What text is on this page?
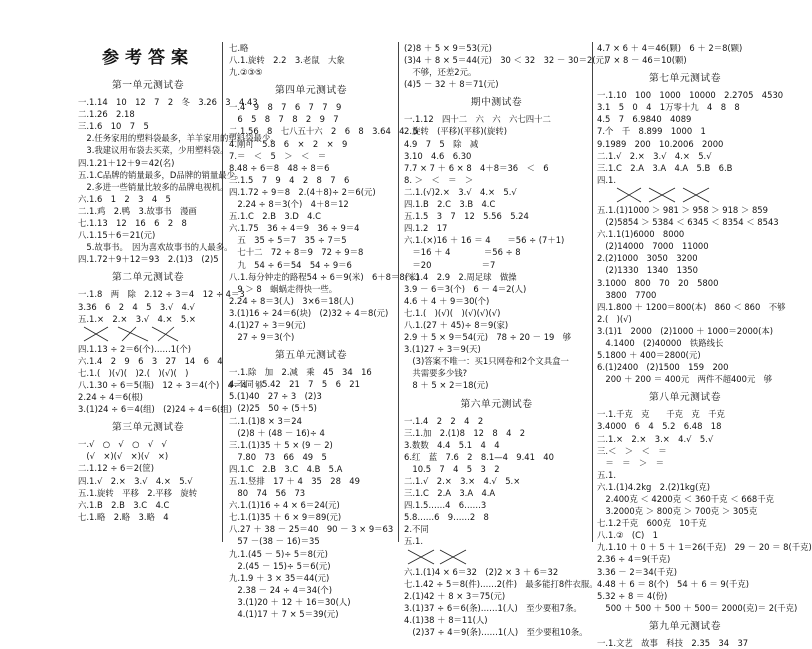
参考答案
第一单元测试卷
一.1.14　10　12　7　2　冬　3.26　3　4.43
二.1.26　2.18
三.1.6　10　7　5
　2.任务家用的塑料袋最多，羊羊家用的塑料袋最少。
　3.我建议用布袋去买菜，少用塑料袋。
四.1.21＋12＋9＝42(名)
五.1.C品牌的销量最多，D品牌的销量最少。
　2.多进一些销量比较多的品牌电视机。
六.1.6　1　2　3　4　5
二.1.鸡　2.鸭　3.故事书　漫画
七.1.13　12　16　6　2　8
八.1.15＋6＝21(元)
　5.故事书。　因为喜欢故事书的人最多。
四.1.72＋9＋12＝93　2.(1)3　(2)5
第二单元测试卷
一.1.8　两　除　2.12 ÷ 3＝4　12 ÷ 4＝3
3.36　6　2　4　5　3.√　4.√
五.1.×　2.×　3.√　4.×　5.×
四.1.13 ÷ 2＝6(个)……1(个)
六.1.4　2　9　6　3　27　14　6　4
七.1.(　)(√)(　)2.(　)(√)(　)
八.1.30 ÷ 6＝5(瓶)　12 ÷ 3＝4(个)　4＝4　够
2.24 ÷ 4＝6(根)
3.(1)24 ÷ 6＝4(组)　(2)24 ÷ 4＝6(组)
第三单元测试卷
一.√　○　√　○　√　√
　(√　×)(√　×)(√　×)
二.1.12 ÷ 6＝2(筐)
四.1.√　2.×　3.√　4.×　5.√
五.1.旋转　平移　2.平移　旋转
六.1.B　2.B　3.C　4.C
七.1.略　2.略　3.略　4
七.略
八.1.旋转　2.2　3.老鼠　大象
九.②③⑤
第四单元测试卷
一.4　9　8　7　6　7　7　9
　6　5　8　7　8　2　9　7
二.1.56　8　七八五十六　2　6　8　3.64　4　5
4.刚可　5.8　6　×　2　×　9
7.＝　＜　5　＞　＜　＝
8.48 ÷ 6＝8　48 ÷ 8＝6
三.1.5　7　9　4　2　8　7　6
四.1.72 ÷ 9＝8　2.(4＋8)÷ 2＝6(元)
　2.24 ÷ 8＝3(个)　4＋8＝12
五.1.C　2.B　3.D　4.C
六.1.75　36 ÷ 4＝9　36 ÷ 9＝4
　五　35 ÷ 5＝7　35 ÷ 7＝5
　七十二　72 ÷ 8＝9　72 ÷ 9＝8
　九　54 ÷ 6＝54　54 ÷ 9＝6
八.1.每分钟走的路程54 ÷ 6＝9(米)　6＋8＝8(米)
　9 ＞ 8　蜗蜗走得快一些。
2.24 ÷ 8＝3(人)　3×6＝18(人)
3.(1)16 ÷ 24＝6(块)　(2)32 ÷ 4＝8(元)
4.(1)27 ÷ 3＝9(元)
　27 ÷ 9＝3(个)
第五单元测试卷
一.1.除　加　2.减　乘　45　34　16
4.不同　5.42　21　7　5　6　21
5.(1)40　27 ÷ 3　(2)3
　(2)25　50 ÷ (5＋5)
二.1.(1)8 × 3＝24
　(2)8 ＋ (48 － 16)÷ 4
三.1.(1)35 ＋ 5 × (9 － 2)
　7.80　73　66　49　5
四.1.C　2.B　3.C　4.B　5.A
五.1.竖排　17 ＋ 4　35　28　49
　80　74　56　73
六.1.(1)16 ÷ 4 × 6＝24(元)
七.1.(1)35 ＋ 6 × 9＝89(元)
八.27 ＋ 38 － 25＝40　90 － 3 × 9＝63
　57 －(38 － 16)＝35
九.1.(45 － 5)÷ 5＝8(元)
　2.(45 － 15)÷ 5＝6(元)
九.1.9 ＋ 3 × 35＝44(元)
　2.38 － 24 ÷ 4＝34(个)
　3.(1)20 ＋ 12 ＋ 16＝30(人)
　4.(1)17 ＋ 7 × 5＝39(元)
(2)8 ＋ 5 × 9＝53(元)
(3)4 ＋ 8 × 5＝44(元)　30 ＜ 32　32 － 30＝2(元)
　不够，还差2元。
(4)5 － 32 ＋ 8＝71(元)
期中测试卷
一.1.12　四十二　六　六　六七四十二
2.旋转　(平移)(平移)(旋转)
4.9　7　5　除　减
3.10　4.6　6.30
7.7 × 7 ＋ 6 × 8　4＋8＝36　＜　6
8. ＞　＜　＝　＞
二.1.(√)2.×　3.√　4.×　5.√
四.1.B　2.C　3.B　4.C
五.1.5　3　7　12　5.56　5.24
四.1.2　17
六.1.(×)16 ＋ 16 ＝ 4　　＝56 ÷ (7＋1)
　＝16 ＋ 4　　　　＝56 ÷ 8
　＝20　　　　　　＝7
六.1.4　2.9　2.周足球　做操
3.9 － 6＝3(个)　6 － 4＝2(人)
4.6 ＋ 4 ＋ 9＝30(个)
七.1.(　)(√)(　)(√)(√)(√)
八.1.(27 ＋ 45)÷ 8＝9(家)
2.9 ＋ 5 × 9＝54(元)　78 ÷ 20 － 19　够
3.(1)27 ÷ 3＝9(天)
　(3)答案不唯一：买1只网卷和2个文具盒一
　共需要多少钱?
　8 ＋ 5 × 2＝18(元)
第六单元测试卷
一.1.4　2　2　4　2
三.1.加　2.(1)8　12　8　4　2
3.数数　4.4　5.1　4　4
6.红　蓝　7.6　2　8.1—4　9.41　40
　10.5　7　4　5　3　2
二.1.√　2.×　3.×　4.√　5.×
三.1.C　2.A　3.A　4.A
四.1.5……4　6……3
5.8……6　9……2　8
2.不同
五.1.
六.1.(1)4 × 6＝32　(2)2 × 3 ＋ 6＝32
七.1.42 ÷ 5＝8(件)……2(件)　最多能打8件衣服。
2.(1)42 ＋ 8 × 3＝75(元)
3.(1)37 ÷ 6＝6(条)……1(人)　至少要租7条。
4.(1)38 ＋ 8＝11(人)
　(2)37 ÷ 4＝9(条)……1(人)　至少要租10条。
4.7 × 6 ＋ 4＝46(颗)　6 ＋ 2＝8(颗)
　7 × 8 － 46＝10(颗)
第七单元测试卷
一.1.10　100　1000　10000　2.2705　4530
3.1　5　0　4　1万零十九　4　8　8
4.5　7　6.9840　4089
7.个　千　8.899　1000　1
9.1989　200　10.2006　2000
二.1.√　2.×　3.√　4.×　5.√
三.1.C　2.A　3.A　4.A　5.B　6.B
四.1.　
五.1.(1)1000 ＞ 981 ＞ 958 ＞ 918 ＞ 859
　(2)5854 ＞ 5384 ＜ 6345 ＜ 8354 ＜ 8543
六.1.1(1)6000　8000
　(2)14000　7000　11000
2.(2)1000　3050　3200
　(2)1330　1340　1350
3.1000　800　70　20　5800
　3800　7700
四.1.800 ＋ 1200＝800(本)　860 ＜ 860　不够
2.(　)(√)
3.(1)1　2000　(2)1000 ＋ 1000＝2000(本)
　4.1400　(2)40000　铁路线长
5.1800 ＋ 400＝2800(元)
6.(1)2400　(2)1500　159　200
　200 ＋ 200 ＝ 400元　两件不超400元　够
第八单元测试卷
一.1.千克　克　　千克　克　千克
3.4000　6　4　5.2　6.48　18
二.1.×　2.×　3.×　4.√　5.√
三.＜　＞　＜　＝
　＝　＝　＞　＝
五.1.
六.1.(1)4.2kg　2.(2)1kg(克)
　2.400克 ＜ 4200克 ＜ 360千克 ＜ 668千克
　3.2000克 ＞ 800克 ＞ 700克 ＞ 305克
七.1.2千克　600克　10千克
八.1.②　(C)　1
九.1.10 ＋ 0 ＋ 5 ＋ 1＝26(千克)　29 － 20 ＝ 8(千克)
2.36 ÷ 4＝9(千克)
3.36 － 2＝34(千克)
4.48 ＋ 6 ＝ 8(个)　54 ＋ 6 ＝ 9(千克)
5.32 ÷ 8 ＝ 4(份)
　500 ＋ 500 ＋ 500 ＋ 500＝ 2000(克)＝ 2(千克)
第九单元测试卷
一.1.文艺　故事　科技　2.35　34　37
